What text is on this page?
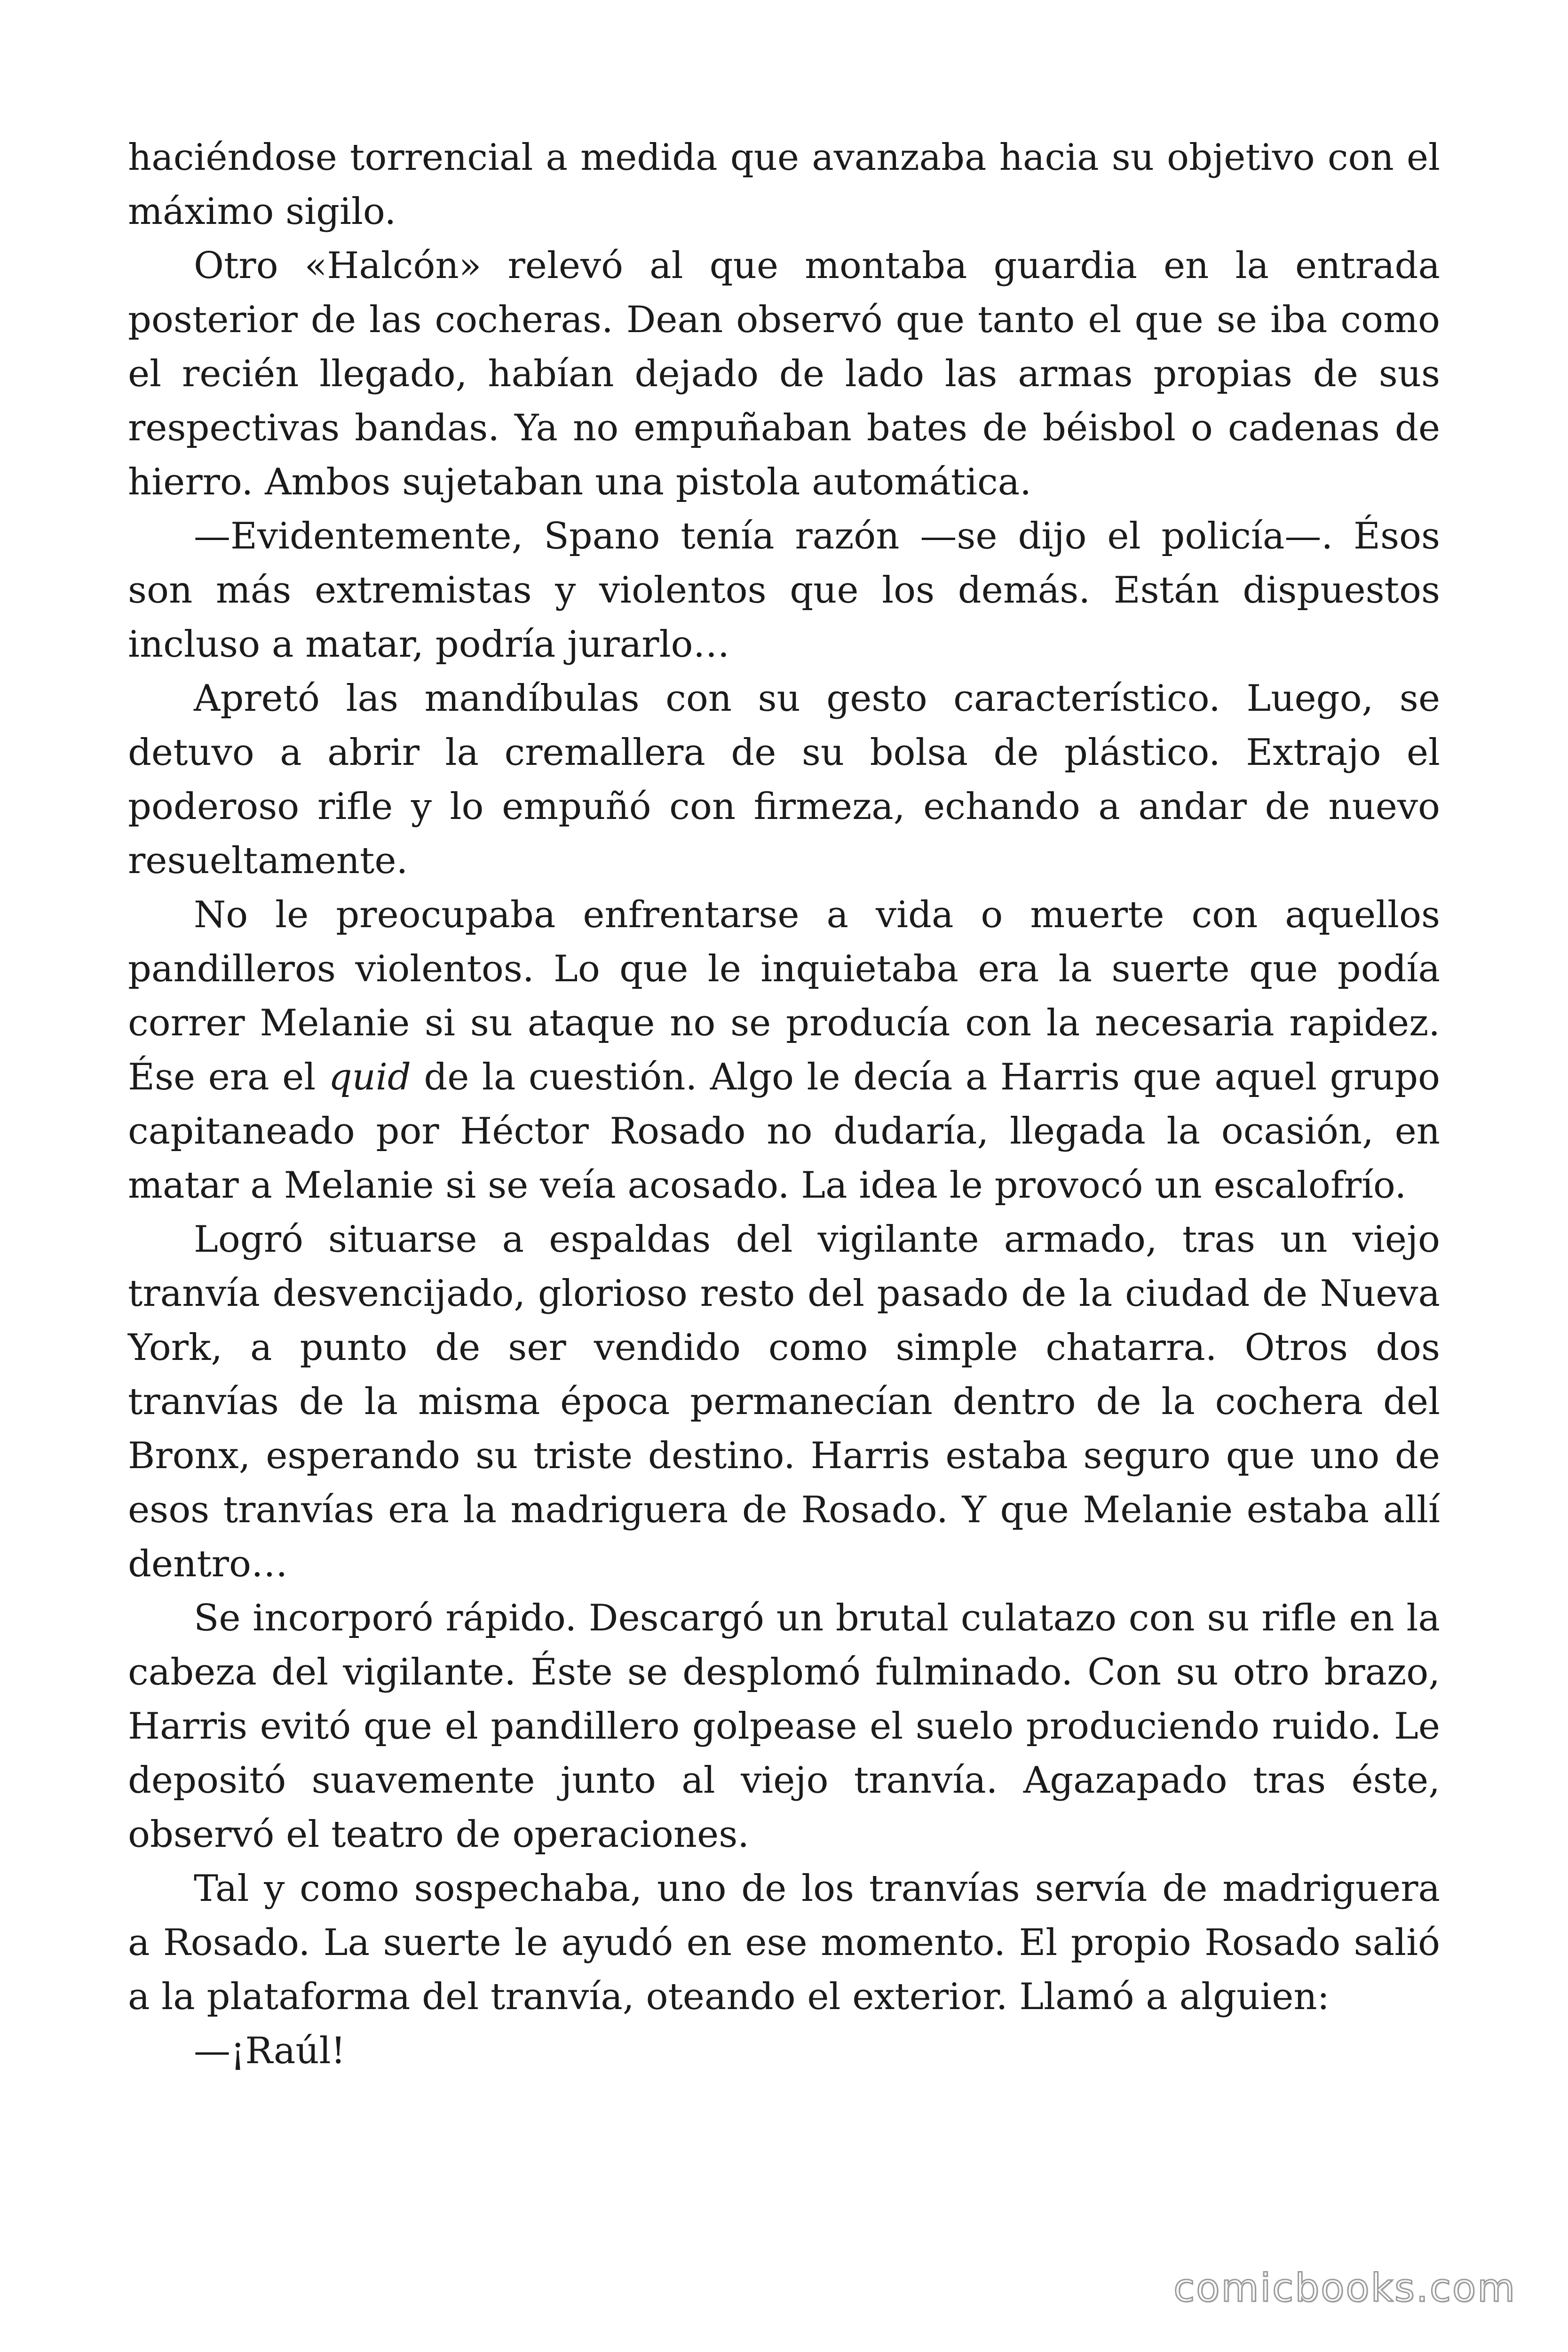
haciéndose torrencial a medida que avanzaba hacia su objetivo con el máximo sigilo.

Otro «Halcón» relevó al que montaba guardia en la entrada posterior de las cocheras. Dean observó que tanto el que se iba como el recién llegado, habían dejado de lado las armas propias de sus respectivas bandas. Ya no empuñaban bates de béisbol o cadenas de hierro. Ambos sujetaban una pistola automática.

—Evidentemente, Spano tenía razón —se dijo el policía—. Ésos son más extremistas y violentos que los demás. Están dispuestos incluso a matar, podría jurarlo…

Apretó las mandíbulas con su gesto característico. Luego, se detuvo a abrir la cremallera de su bolsa de plástico. Extrajo el poderoso rifle y lo empuñó con firmeza, echando a andar de nuevo resueltamente.

No le preocupaba enfrentarse a vida o muerte con aquellos pandilleros violentos. Lo que le inquietaba era la suerte que podía correr Melanie si su ataque no se producía con la necesaria rapidez. Ése era el quid de la cuestión. Algo le decía a Harris que aquel grupo capitaneado por Héctor Rosado no dudaría, llegada la ocasión, en matar a Melanie si se veía acosado. La idea le provocó un escalofrío.

Logró situarse a espaldas del vigilante armado, tras un viejo tranvía desvencijado, glorioso resto del pasado de la ciudad de Nueva York, a punto de ser vendido como simple chatarra. Otros dos tranvías de la misma época permanecían dentro de la cochera del Bronx, esperando su triste destino. Harris estaba seguro que uno de esos tranvías era la madriguera de Rosado. Y que Melanie estaba allí dentro…

Se incorporó rápido. Descargó un brutal culatazo con su rifle en la cabeza del vigilante. Éste se desplomó fulminado. Con su otro brazo, Harris evitó que el pandillero golpease el suelo produciendo ruido. Le depositó suavemente junto al viejo tranvía. Agazapado tras éste, observó el teatro de operaciones.

Tal y como sospechaba, uno de los tranvías servía de madriguera a Rosado. La suerte le ayudó en ese momento. El propio Rosado salió a la plataforma del tranvía, oteando el exterior. Llamó a alguien:

—¡Raúl!

comicbooks.com
